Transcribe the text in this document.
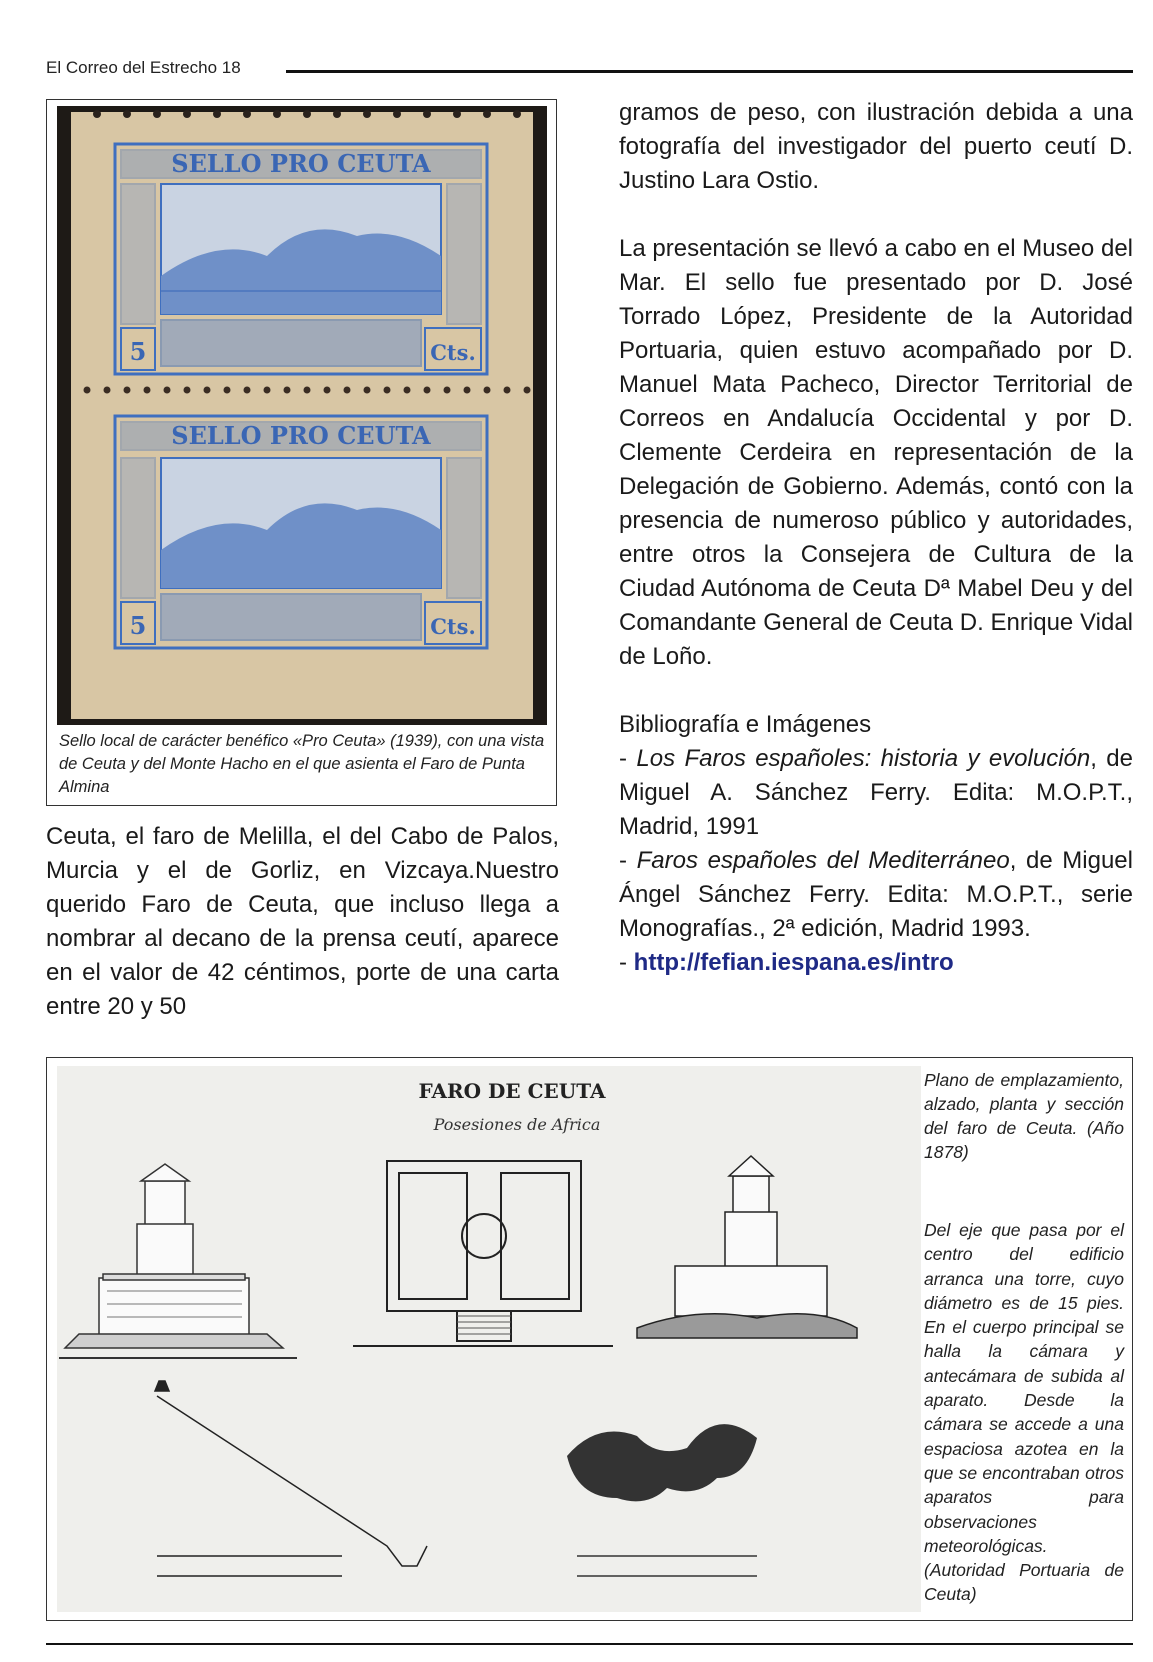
El Correo del Estrecho 18
SELLO PRO CEUTA
5	Cts.
SELLO PRO CEUTA
5	Cts.
Sello local de carácter benéfico «Pro Ceuta» (1939), con una vista de Ceuta y del Monte Hacho en el que asienta el Faro de Punta Almina

Ceuta, el faro de Melilla, el del Cabo de Palos, Murcia y el de Gorliz, en Vizcaya.Nuestro querido Faro de Ceuta, que incluso llega a nombrar al decano de la prensa ceutí, aparece en el valor de 42 céntimos, porte de una carta entre 20 y 50

gramos de peso, con ilustración debida a una fotografía del investigador del puerto ceutí D. Justino Lara Ostio.

La presentación se llevó a cabo en el Museo del Mar. El sello fue presentado por D. José Torrado López, Presidente de la Autoridad Portuaria, quien estuvo acompañado por D. Manuel Mata Pacheco, Director Territorial de Correos en Andalucía Occidental y por D. Clemente Cerdeira en representación de la Delegación de Gobierno. Además, contó con la presencia de numeroso público y autoridades, entre otros la Consejera de Cultura de la Ciudad Autónoma de Ceuta Dª Mabel Deu y del Comandante General de Ceuta D. Enrique Vidal de Loño.

Bibliografía e Imágenes

- Los Faros españoles: historia y evolución, de Miguel A. Sánchez Ferry. Edita: M.O.P.T., Madrid, 1991

- Faros españoles del Mediterráneo, de Miguel Ángel Sánchez Ferry. Edita: M.O.P.T., serie Monografías., 2ª edición, Madrid 1993.

- http://fefian.iespana.es/intro

FARO DE CEUTA
Posesiones de Africa
Plano de emplazamiento, alzado, planta y sección del faro de Ceuta. (Año 1878)
Del eje que pasa por el centro del edificio arranca una torre, cuyo diámetro es de 15 pies. En el cuerpo principal se halla la cámara y antecámara de subida al aparato. Desde la cámara se accede a una espaciosa azotea en la que se encontraban otros aparatos para observaciones meteorológicas. (Autoridad Portuaria de Ceuta)
